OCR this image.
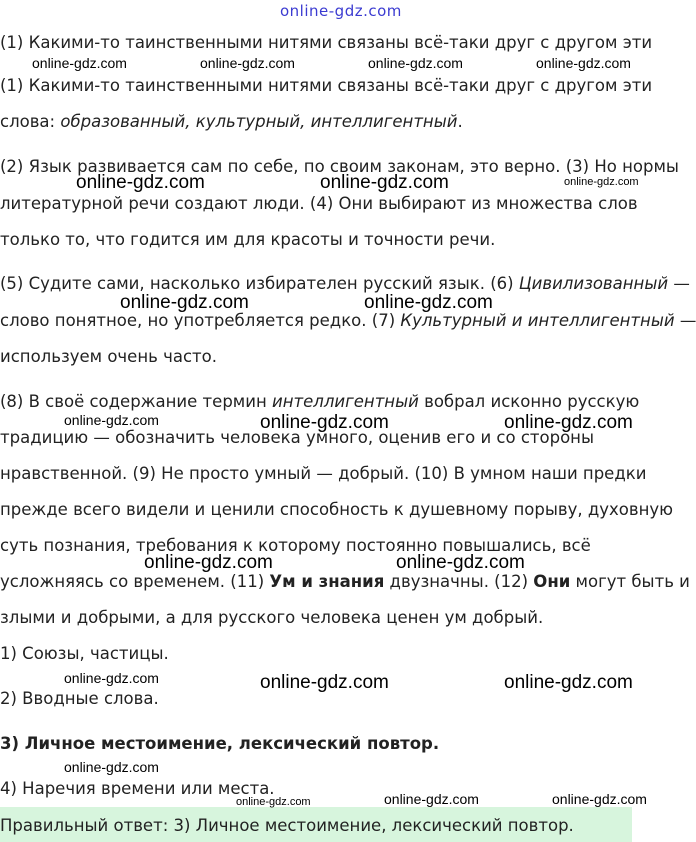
online-gdz.com
(1) Какими-то таинственными нитями связаны всё-таки друг с другом эти
(1) Какими-то таинственными нитями связаны всё-таки друг с другом эти
слова: образованный, культурный, интеллигентный.
(2) Язык развивается сам по себе, по своим законам, это верно. (3) Но нормы
литературной речи создают люди. (4) Они выбирают из множества слов
только то, что годится им для красоты и точности речи.
(5) Судите сами, насколько избирателен русский язык. (6) Цивилизованный —
слово понятное, но употребляется редко. (7) Культурный и интеллигентный —
используем очень часто.
(8) В своё содержание термин интеллигентный вобрал исконно русскую
традицию — обозначить человека умного, оценив его и со стороны
нравственной. (9) Не просто умный — добрый. (10) В умном наши предки
прежде всего видели и ценили способность к душевному порыву, духовную
суть познания, требования к которому постоянно повышались, всё
усложняясь со временем. (11) Ум и знания двузначны. (12) Они могут быть и
злыми и добрыми, а для русского человека ценен ум добрый.
1) Союзы, частицы.
2) Вводные слова.
3) Личное местоимение, лексический повтор.
4) Наречия времени или места.
Правильный ответ: 3) Личное местоимение, лексический повтор.
online-gdz.com	online-gdz.com	online-gdz.com	online-gdz.com
online-gdz.com	online-gdz.com	online-gdz.com
online-gdz.com	online-gdz.com
online-gdz.com	online-gdz.com	online-gdz.com
online-gdz.com	online-gdz.com
online-gdz.com	online-gdz.com	online-gdz.com
online-gdz.com
online-gdz.com	online-gdz.com	online-gdz.com
